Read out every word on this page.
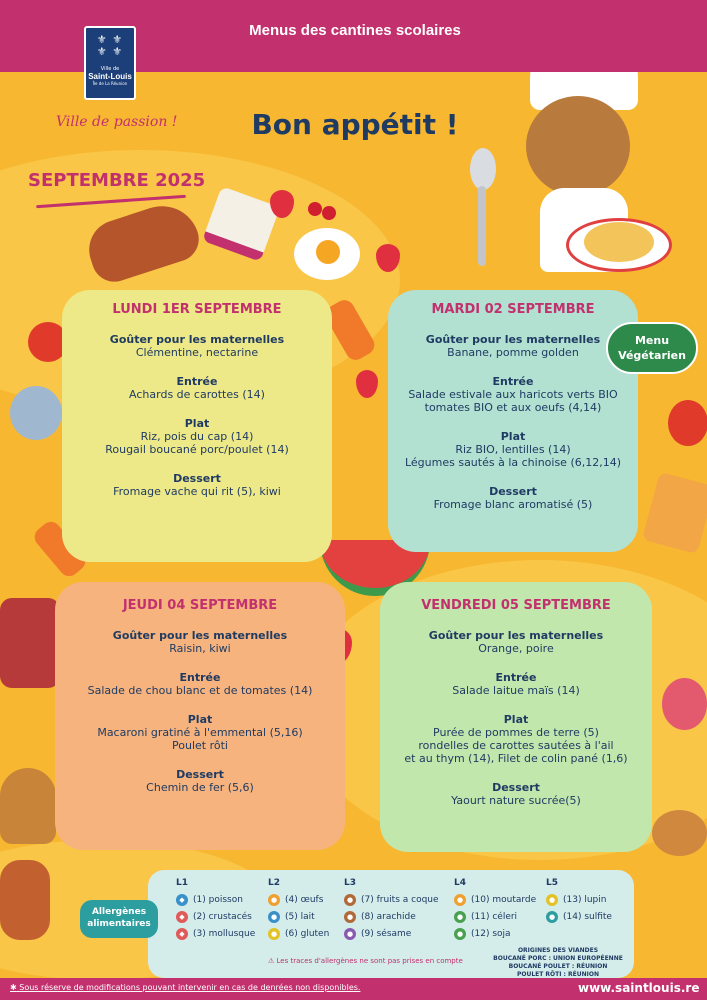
Menus des cantines scolaires
⚜ ⚜
⚜ ⚜
Ville de
Saint-Louis
Île de La Réunion
Ville de passion !	Bon appétit !
SEPTEMBRE 2025
LUNDI 1ER SEPTEMBRE
Goûter pour les maternelles
Clémentine, nectarine
Entrée
Achards de carottes (14)
Plat
Riz, pois du cap (14)
Rougail boucané porc/poulet (14)
Dessert
Fromage vache qui rit (5), kiwi
MARDI 02 SEPTEMBRE
Goûter pour les maternelles
Banane, pomme golden
Entrée
Salade estivale aux haricots verts BIO
tomates BIO et aux oeufs (4,14)
Plat
Riz BIO, lentilles (14)
Légumes sautés à la chinoise (6,12,14)
Dessert
Fromage blanc aromatisé (5)
Menu
Végétarien
JEUDI 04 SEPTEMBRE
Goûter pour les maternelles
Raisin, kiwi
Entrée
Salade de chou blanc et de tomates (14)
Plat
Macaroni gratiné à l'emmental (5,16)
Poulet rôti
Dessert
Chemin de fer (5,6)
VENDREDI 05 SEPTEMBRE
Goûter pour les maternelles
Orange, poire
Entrée
Salade laitue maïs (14)
Plat
Purée de pommes de terre (5)
rondelles de carottes sautées à l'ail
et au thym (14), Filet de colin pané (1,6)
Dessert
Yaourt nature sucrée(5)
Allergènes
alimentaires
L1
◆ (1) poisson
◆ (2) crustacés
◆ (3) mollusque
L2
● (4) œufs
● (5) lait
● (6) gluten
L3
● (7) fruits a coque
● (8) arachide
● (9) sésame
L4
● (10) moutarde
● (11) céleri
● (12) soja
L5
● (13) lupin
● (14) sulfite
⚠ Les traces d'allergènes ne sont pas prises en compte
ORIGINES DES VIANDES
BOUCANÉ PORC : UNION EUROPÉENNE
BOUCANÉ POULET : RÉUNION
POULET RÔTI : RÉUNION
✱ Sous réserve de modifications pouvant intervenir en cas de denrées non disponibles.	www.saintlouis.re
